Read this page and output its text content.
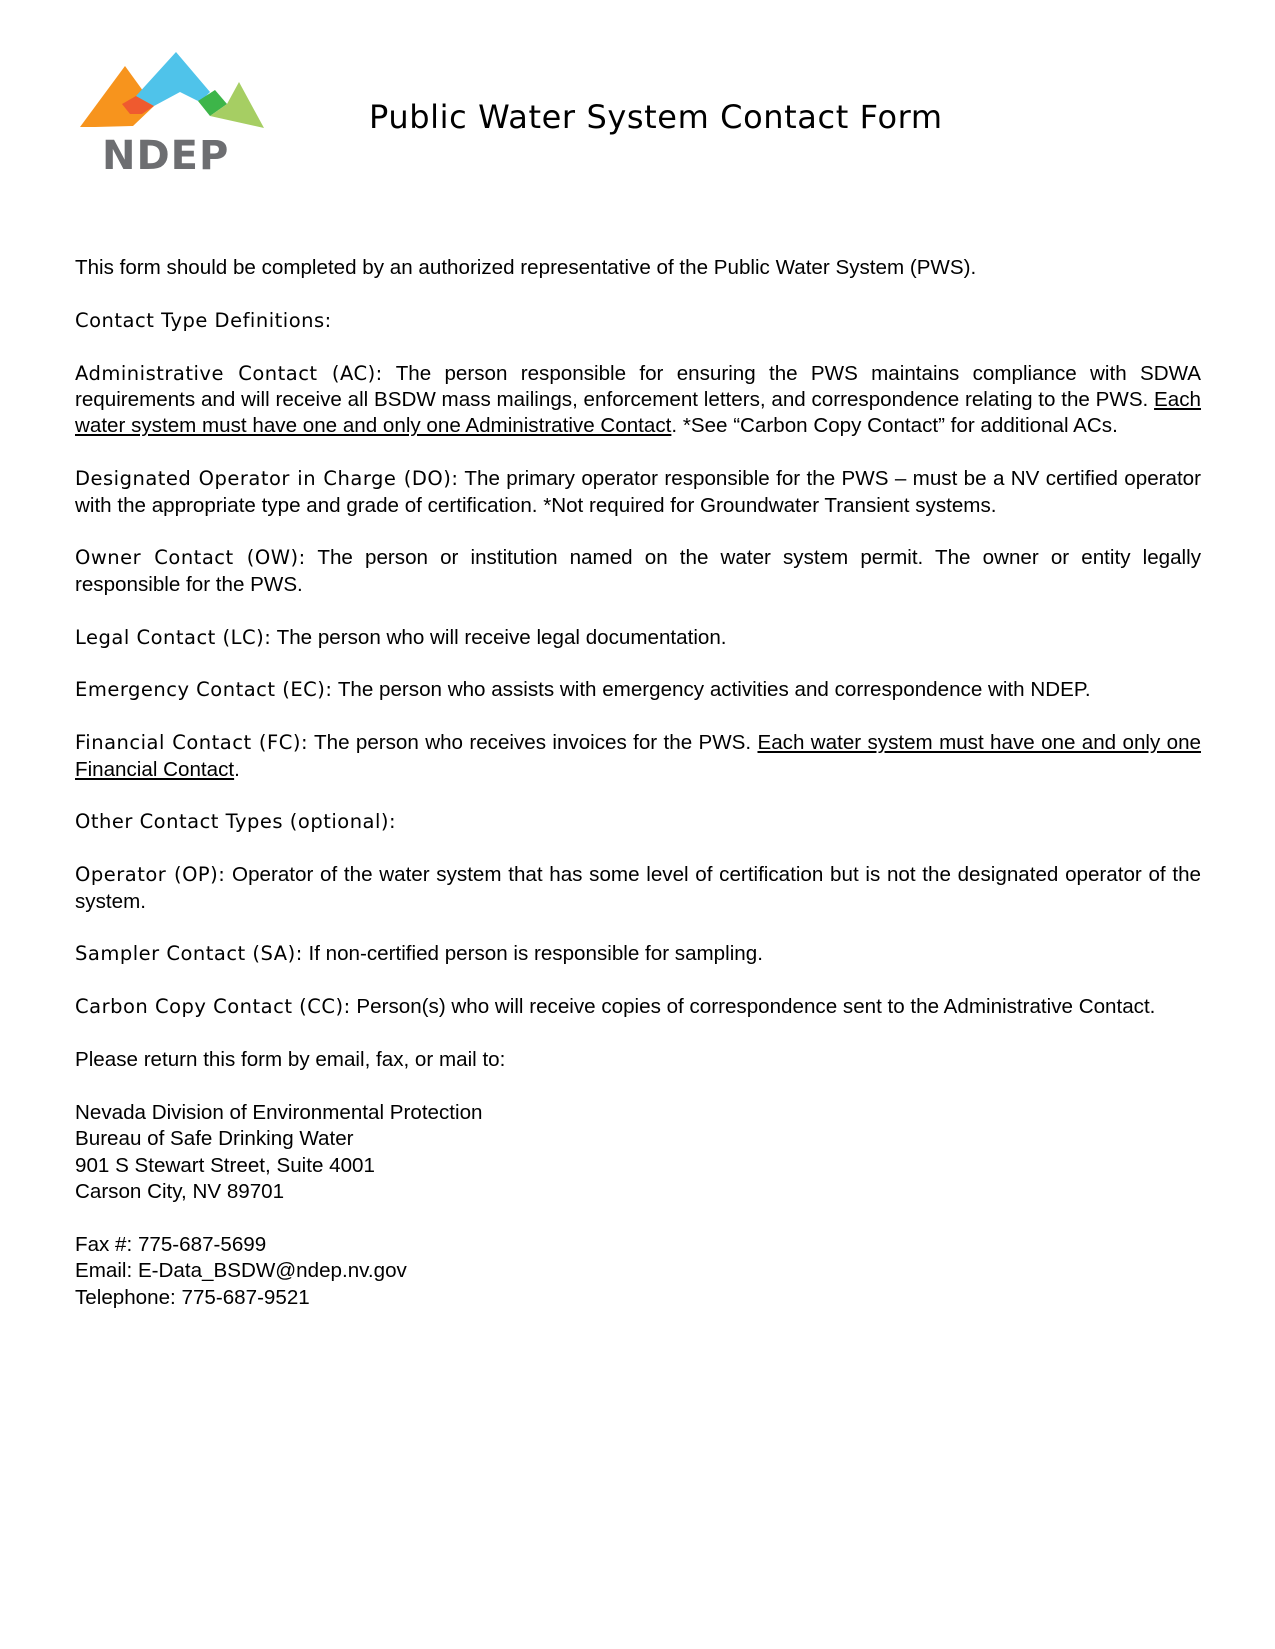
NDEP
Public Water System Contact Form

This form should be completed by an authorized representative of the Public Water System (PWS).

Contact Type Definitions:

Administrative Contact (AC): The person responsible for ensuring the PWS maintains compliance with SDWA requirements and will receive all BSDW mass mailings, enforcement letters, and correspondence relating to the PWS. Each water system must have one and only one Administrative Contact. *See “Carbon Copy Contact” for additional ACs.

Designated Operator in Charge (DO): The primary operator responsible for the PWS – must be a NV certified operator with the appropriate type and grade of certification. *Not required for Groundwater Transient systems.

Owner Contact (OW): The person or institution named on the water system permit. The owner or entity legally responsible for the PWS.

Legal Contact (LC): The person who will receive legal documentation.

Emergency Contact (EC): The person who assists with emergency activities and correspondence with NDEP.

Financial Contact (FC): The person who receives invoices for the PWS. Each water system must have one and only one Financial Contact.

Other Contact Types (optional):

Operator (OP): Operator of the water system that has some level of certification but is not the designated operator of the system.

Sampler Contact (SA): If non-certified person is responsible for sampling.

Carbon Copy Contact (CC): Person(s) who will receive copies of correspondence sent to the Administrative Contact.

Please return this form by email, fax, or mail to:

Nevada Division of Environmental Protection
Bureau of Safe Drinking Water
901 S Stewart Street, Suite 4001
Carson City, NV 89701

Fax #: 775-687-5699
Email: E-Data_BSDW@ndep.nv.gov
Telephone: 775-687-9521
